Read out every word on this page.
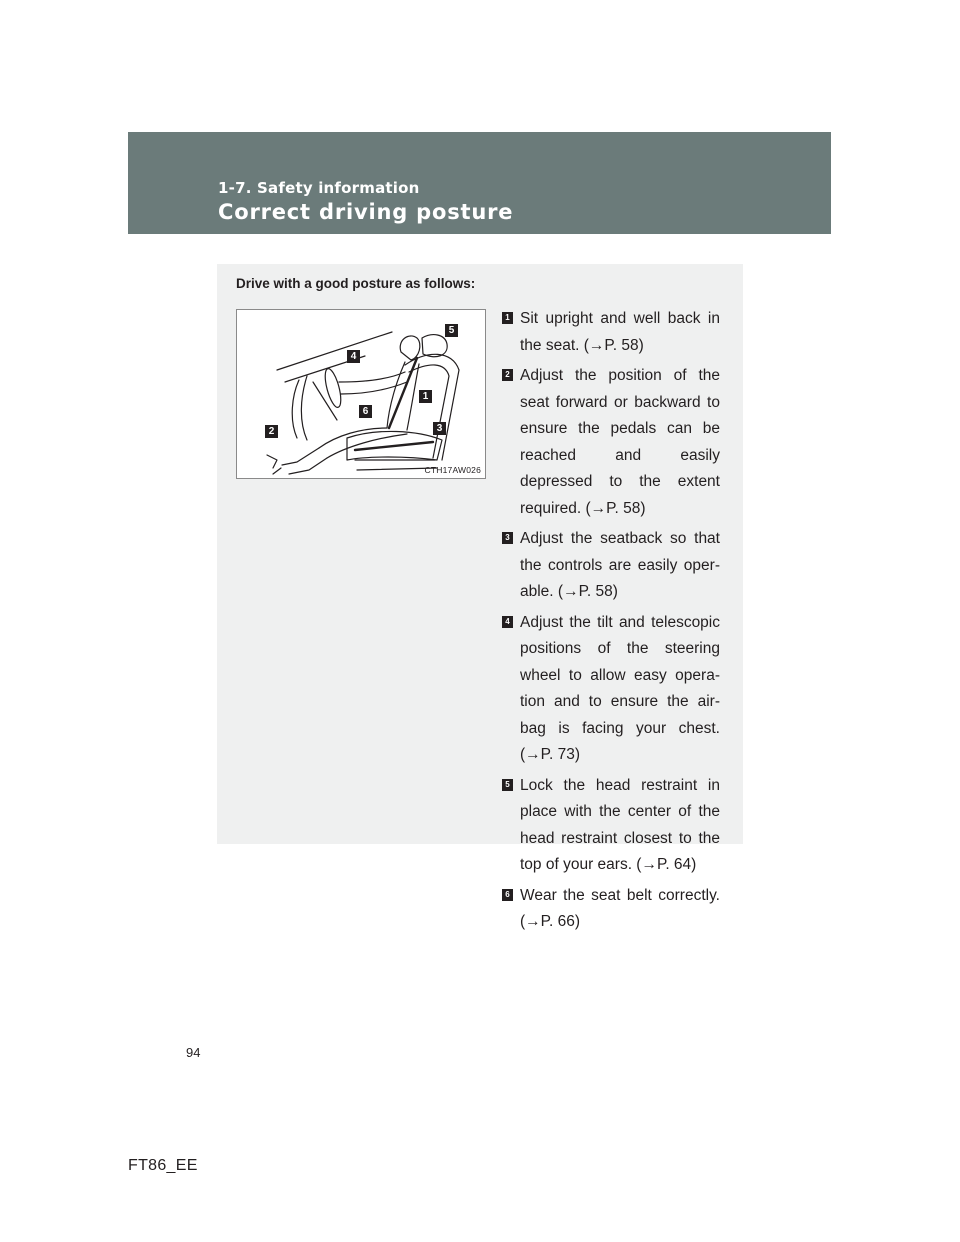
1-7. Safety information
Correct driving posture
Drive with a good posture as follows:
5
4
1
6
2	3
CTH17AW026
1 Sit upright and well back in the seat. (→P. 58)
2 Adjust the position of the seat forward or backward to ensure the pedals can be reached and easily depressed to the extent required. (→P. 58)
3 Adjust the seatback so that the controls are easily oper-able. (→P. 58)
4 Adjust the tilt and telescopic positions of the steering wheel to allow easy opera-tion and to ensure the air-bag is facing your chest. (→P. 73)
5 Lock the head restraint in place with the center of the head restraint closest to the top of your ears. (→P. 64)
6 Wear the seat belt correctly. (→P. 66)
94
FT86_EE
